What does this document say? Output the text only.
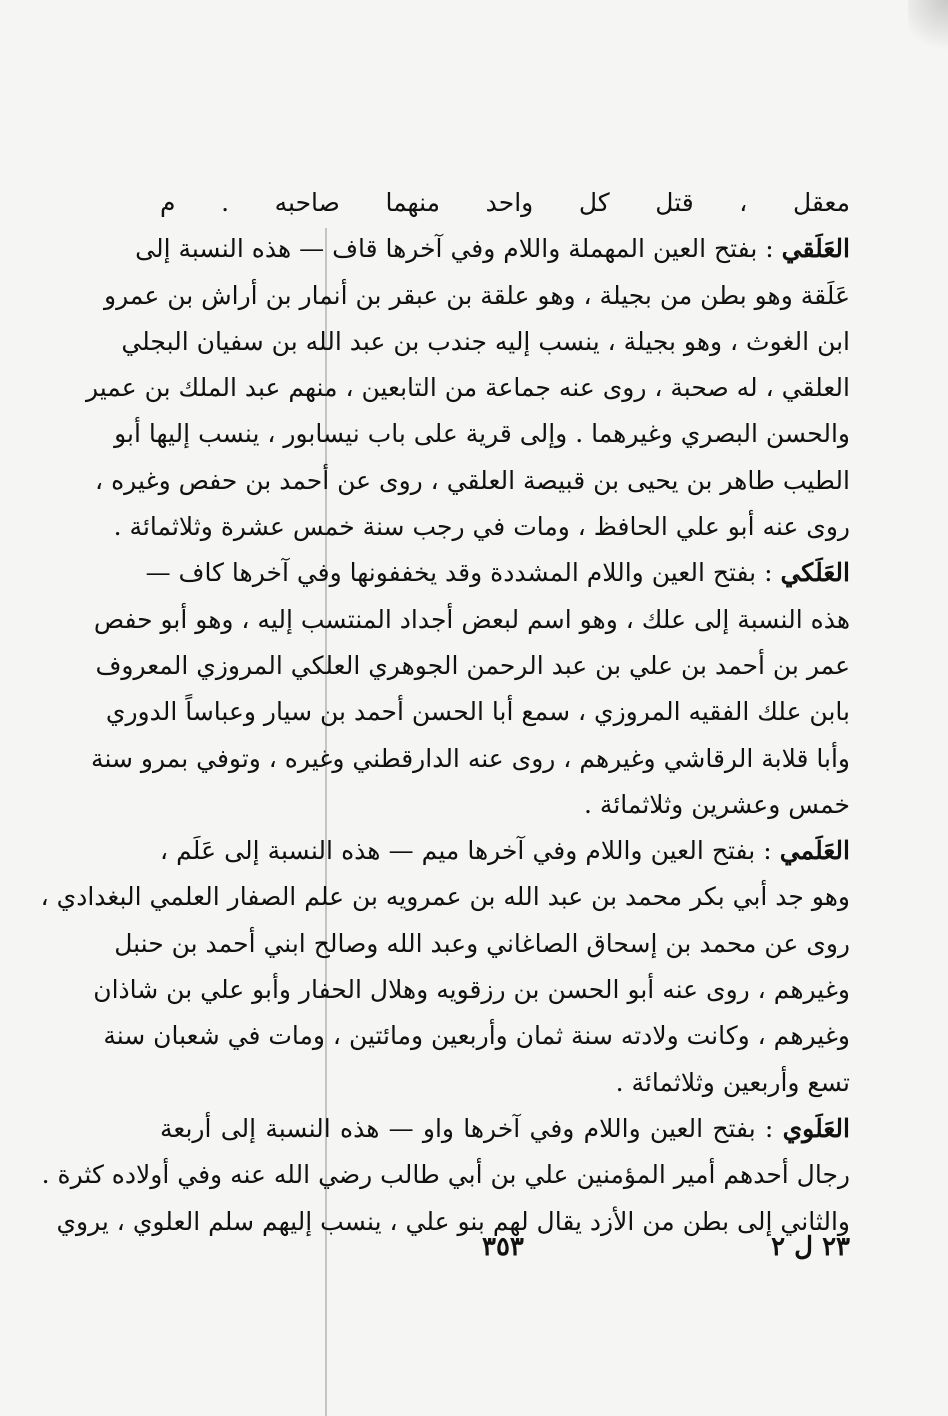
معقل ، قتل كل واحد منهما صاحبه . م
العَلَقي : بفتح العين المهملة واللام وفي آخرها قاف — هذه النسبة إلى
عَلَقة وهو بطن من بجيلة ، وهو علقة بن عبقر بن أنمار بن أراش بن عمرو
ابن الغوث ، وهو بجيلة ، ينسب إليه جندب بن عبد الله بن سفيان البجلي
العلقي ، له صحبة ، روى عنه جماعة من التابعين ، منهم عبد الملك بن عمير
والحسن البصري وغيرهما . وإلى قرية على باب نيسابور ، ينسب إليها أبو
الطيب طاهر بن يحيى بن قبيصة العلقي ، روى عن أحمد بن حفص وغيره ،
روى عنه أبو علي الحافظ ، ومات في رجب سنة خمس عشرة وثلاثمائة .
العَلَكي : بفتح العين واللام المشددة وقد يخففونها وفي آخرها كاف —
هذه النسبة إلى علك ، وهو اسم لبعض أجداد المنتسب إليه ، وهو أبو حفص
عمر بن أحمد بن علي بن عبد الرحمن الجوهري العلكي المروزي المعروف
بابن علك الفقيه المروزي ، سمع أبا الحسن أحمد بن سيار وعباساً الدوري
وأبا قلابة الرقاشي وغيرهم ، روى عنه الدارقطني وغيره ، وتوفي بمرو سنة
خمس وعشرين وثلاثمائة .
العَلَمي : بفتح العين واللام وفي آخرها ميم — هذه النسبة إلى عَلَم ،
وهو جد أبي بكر محمد بن عبد الله بن عمرويه بن علم الصفار العلمي البغدادي ،
روى عن محمد بن إسحاق الصاغاني وعبد الله وصالح ابني أحمد بن حنبل
وغيرهم ، روى عنه أبو الحسن بن رزقويه وهلال الحفار وأبو علي بن شاذان
وغيرهم ، وكانت ولادته سنة ثمان وأربعين ومائتين ، ومات في شعبان سنة
تسع وأربعين وثلاثمائة .
العَلَوي : بفتح العين واللام وفي آخرها واو — هذه النسبة إلى أربعة
رجال أحدهم أمير المؤمنين علي بن أبي طالب رضي الله عنه وفي أولاده كثرة .
والثاني إلى بطن من الأزد يقال لهم بنو علي ، ينسب إليهم سلم العلوي ، يروي
٢٣ ل ٢
٣٥٣
